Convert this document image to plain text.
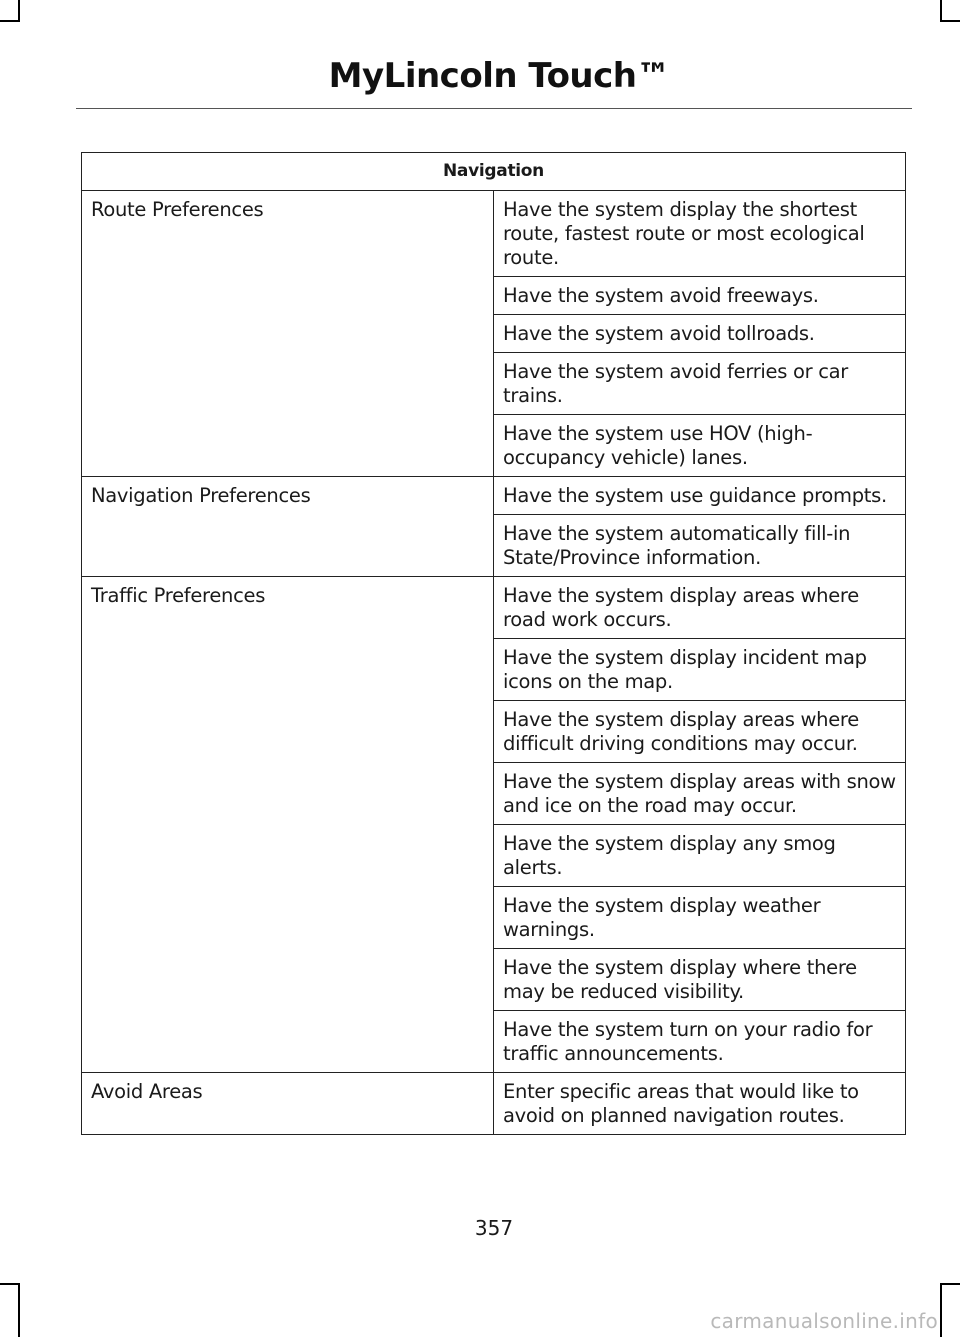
MyLincoln Touch™
Navigation	
Route Preferences	Have the system display the shortest route, fastest route or most ecological route.
	Have the system avoid freeways.
	Have the system avoid tollroads.
	Have the system avoid ferries or car trains.
	Have the system use HOV (high-occupancy vehicle) lanes.
Navigation Preferences	Have the system use guidance prompts.
	Have the system automatically fill-in State/Province information.
Traffic Preferences	Have the system display areas where road work occurs.
	Have the system display incident map icons on the map.
	Have the system display areas where difficult driving conditions may occur.
	Have the system display areas with snow and ice on the road may occur.
	Have the system display any smog alerts.
	Have the system display weather warnings.
	Have the system display where there may be reduced visibility.
	Have the system turn on your radio for traffic announcements.
Avoid Areas	Enter specific areas that would like to avoid on planned navigation routes.
357
carmanualsonline.info
